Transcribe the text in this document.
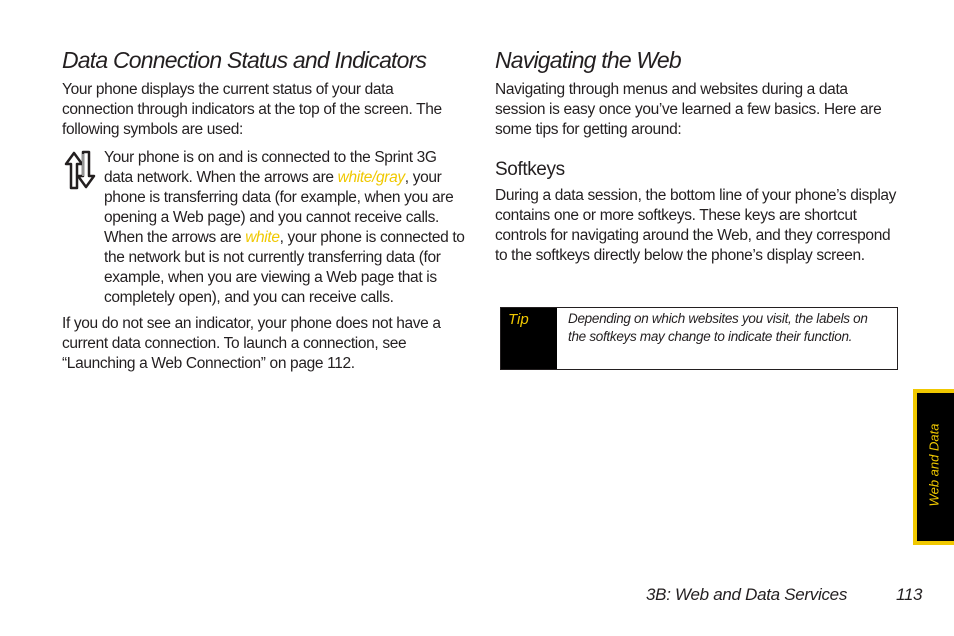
Data Connection Status and Indicators

Your phone displays the current status of your data connection through indicators at the top of the screen. The following symbols are used:

Your phone is on and is connected to the Sprint 3G data network. When the arrows are white/gray, your phone is transferring data (for example, when you are opening a Web page) and you cannot receive calls. When the arrows are white, your phone is connected to the network but is not currently transferring data (for example, when you are viewing a Web page that is completely open), and you can receive calls.

If you do not see an indicator, your phone does not have a current data connection. To launch a connection, see “Launching a Web Connection” on page 112.

Navigating the Web

Navigating through menus and websites during a data session is easy once you’ve learned a few basics. Here are some tips for getting around:

Softkeys

During a data session, the bottom line of your phone’s display contains one or more softkeys. These keys are shortcut controls for navigating around the Web, and they correspond to the softkeys directly below the phone’s display screen.

Tip	Depending on which websites you visit, the labels on the softkeys may change to indicate their function.
Web and Data
3B: Web and Data Services	113
